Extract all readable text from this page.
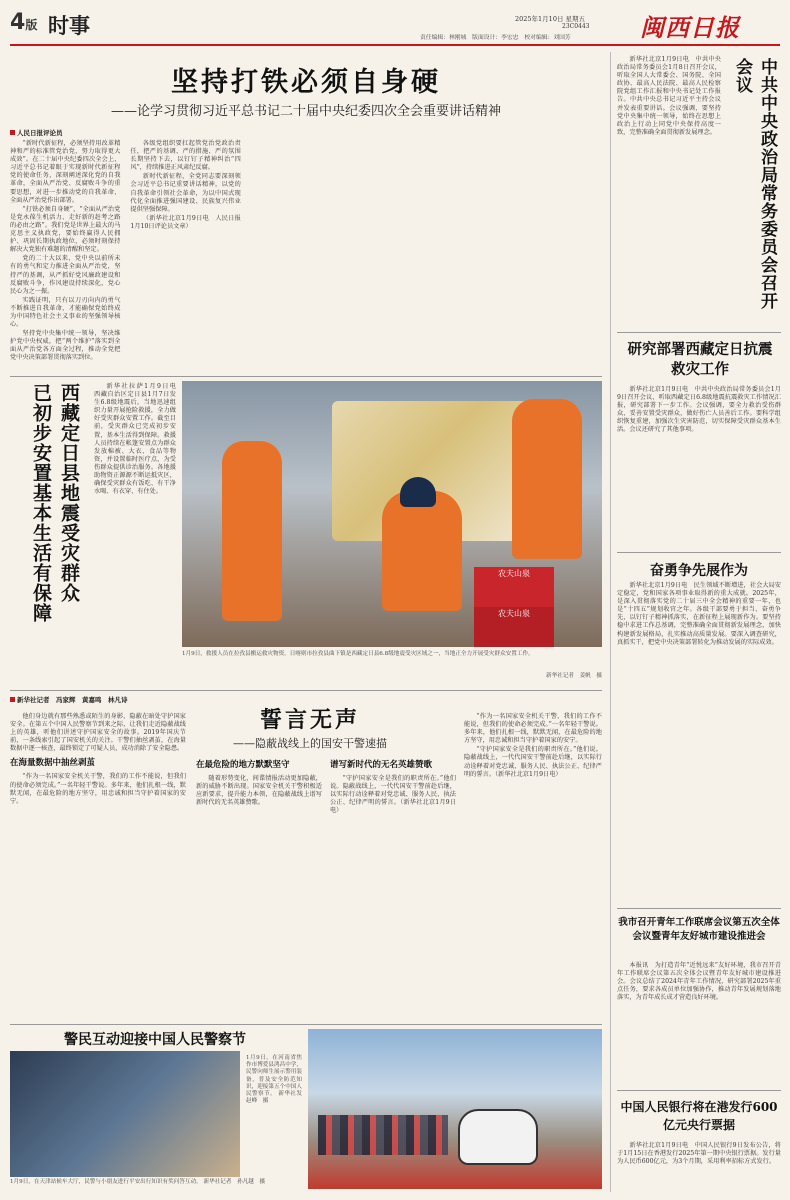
4版 时事	2025年1月10日 星期五
23C0443
责任编辑：林刚城　版面设计：李宏忠　校对编辑：刘国芳	闽西日报
坚持打铁必须自身硬
——论学习贯彻习近平总书记二十届中央纪委四次全会重要讲话精神
人民日报评论员

“新时代新征程，必须坚持用改革精神和严的标准管党治党，努力取得更大成效”。在二十届中央纪委四次全会上，习近平总书记着眼于实现新时代新征程党的使命任务，深刻阐述深化党的自我革命，全面从严治党、反腐败斗争的重要思想，对进一步推动党的自我革命、全面从严治党作出部署。

“打铁必须自身硬”，“全面从严治党是党永葆生机活力、走好新的赶考之路的必由之路”。我们党是世界上最大的马克思主义执政党，要始终赢得人民拥护、巩固长期执政地位，必须时刻保持解决大党独有难题的清醒和坚定。

党的二十大以来，党中央以前所未有的勇气和定力推进全面从严治党，坚持严的基调，从严抓好党风廉政建设和反腐败斗争，作风建设持续深化，党心民心为之一振。

实践证明，只有以刀刃向内的勇气不断推进自我革命，才能确保党始终成为中国特色社会主义事业的坚强领导核心。

坚持党中央集中统一领导，坚决维护党中央权威，把“两个维护”落实到全面从严治党各方面全过程，推动全党把党中央决策部署贯彻落实到位。

各级党组织要扛起管党治党政治责任，把严的基调、严的措施、严的氛围长期坚持下去，以钉钉子精神纠治“四风”，持续推进正风肃纪反腐。

新时代新征程，全党同志要深刻领会习近平总书记重要讲话精神，以党的自我革命引领社会革命，为以中国式现代化全面推进强国建设、民族复兴伟业提供坚强保障。

（新华社北京1月9日电　人民日报1月10日评论员文章）

新华社北京1月9日电　中共中央政治局常务委员会1月8日召开会议，听取全国人大常委会、国务院、全国政协、最高人民法院、最高人民检察院党组工作汇报和中央书记处工作报告。中共中央总书记习近平主持会议并发表重要讲话。会议强调，要坚持党中央集中统一领导，始终在思想上政治上行动上同党中央保持高度一致，完整准确全面贯彻新发展理念。	中共中央政治局常务委员会召开会议
研究部署西藏定日抗震救灾工作
新华社北京1月9日电　中共中央政治局常务委员会1月9日召开会议，听取西藏定日6.8级地震抗震救灾工作情况汇报，研究部署下一步工作。会议强调，要全力救治受伤群众，妥善安置受灾群众，做好伤亡人员善后工作。要科学组织恢复重建，加强次生灾害防范，切实保障受灾群众基本生活。会议还研究了其他事项。
奋勇争先展作为
新华社北京1月9日电　民生领域不断增进，社会大局安定稳定，党和国家各项事业取得新的重大成就。2025年，是深入贯彻落实党的二十届三中全会精神的重要一年，也是“十四五”规划收官之年。各级干部要勇于担当、奋勇争先，以钉钉子精神抓落实，在新征程上展现新作为。要坚持稳中求进工作总基调，完整准确全面贯彻新发展理念，加快构建新发展格局，扎实推动高质量发展。要深入调查研究，真抓实干，把党中央决策部署转化为推动发展的实际成效。
我市召开青年工作联席会议第五次全体会议暨青年友好城市建设推进会
本报讯　为打造青年“近悦远来”友好环境，我市召开青年工作联席会议第五次全体会议暨青年友好城市建设推进会。会议总结了2024年青年工作情况，研究部署2025年重点任务，要求各成员单位加强协作，推动青年发展规划落地落实，为青年成长成才营造良好环境。
中国人民银行将在港发行600亿元央行票据
新华社北京1月9日电　中国人民银行9日发布公告，将于1月15日在香港发行2025年第一期中央银行票据。发行量为人民币600亿元，为3个月期，采用利率招标方式发行。
西藏定日县地震受灾群众
已初步安置基本生活有保障	新华社拉萨1月9日电　西藏自治区定日县1月7日发生6.8级地震后，当地迅速组织力量开展抢险救援，全力做好受灾群众安置工作。截至目前，受灾群众已完成初步安置，基本生活得到保障。救援人员持续在帐篷安置点为群众发放棉被、大衣、食品等物资，并设置临时医疗点，为受伤群众提供诊治服务。各地援助物资正源源不断运抵灾区，确保受灾群众有饭吃、有干净水喝、有衣穿、有住处。
农夫山泉
农夫山泉
1月9日，救援人员在拉孜县搬运救灾物资。日喀则市拉孜县曲下镇是西藏定日县6.8级地震受灾区域之一，当地正全力开展受灾群众安置工作。
新华社记者　姜帆　摄
新华社记者　冯家辉　黄嘉鸣　林凡诗
誓言无声
——隐蔽战线上的国安干警速描

他们身边就有那些熟悉或陌生的身影，隐蔽在暗处守护国家安全。在第五个中国人民警察节到来之际，让我们走近隐蔽战线上的英雄，听他们讲述守护国家安全的故事。2019年国庆节前，一条线索引起了国安机关的关注。干警们抽丝剥茧，在海量数据中逐一核查，最终锁定了可疑人员，成功消除了安全隐患。

在海量数据中抽丝剥茧

“作为一名国家安全机关干警，我们的工作不能说，但我们的使命必须完成。”一名年轻干警说。多年来，他们扎根一线，默默无闻，在最危险的地方坚守，用忠诚和担当守护着国家的安宁。

在最危险的地方默默坚守

随着形势变化，间谍情报活动更加隐蔽，新的威胁不断出现。国家安全机关干警积极适应新要求，提升能力本领，在隐蔽战线上谱写新时代的无名英雄赞歌。

谱写新时代的无名英雄赞歌

“守护国家安全是我们的职责所在。”他们说。隐蔽战线上，一代代国安干警前赴后继，以实际行动诠释着对党忠诚、服务人民、执法公正、纪律严明的誓言。（新华社北京1月9日电）

“作为一名国家安全机关干警，我们的工作不能说，但我们的使命必须完成。”一名年轻干警说。多年来，他们扎根一线，默默无闻，在最危险的地方坚守，用忠诚和担当守护着国家的安宁。

“守护国家安全是我们的职责所在。”他们说。隐蔽战线上，一代代国安干警前赴后继，以实际行动诠释着对党忠诚、服务人民、执法公正、纪律严明的誓言。（新华社北京1月9日电）

警民互动迎接中国人民警察节
1月9日，在天津站候车大厅，民警与小朋友进行平安出行知识有奖问答互动。 新华社记者　孙凡越　摄
1月9日，在河南省焦作市博爱县鸿昌中学，民警向师生展示警用装备，普及安全防范知识，迎接第五个中国人民警察节。 新华社发　赵峰　摄
